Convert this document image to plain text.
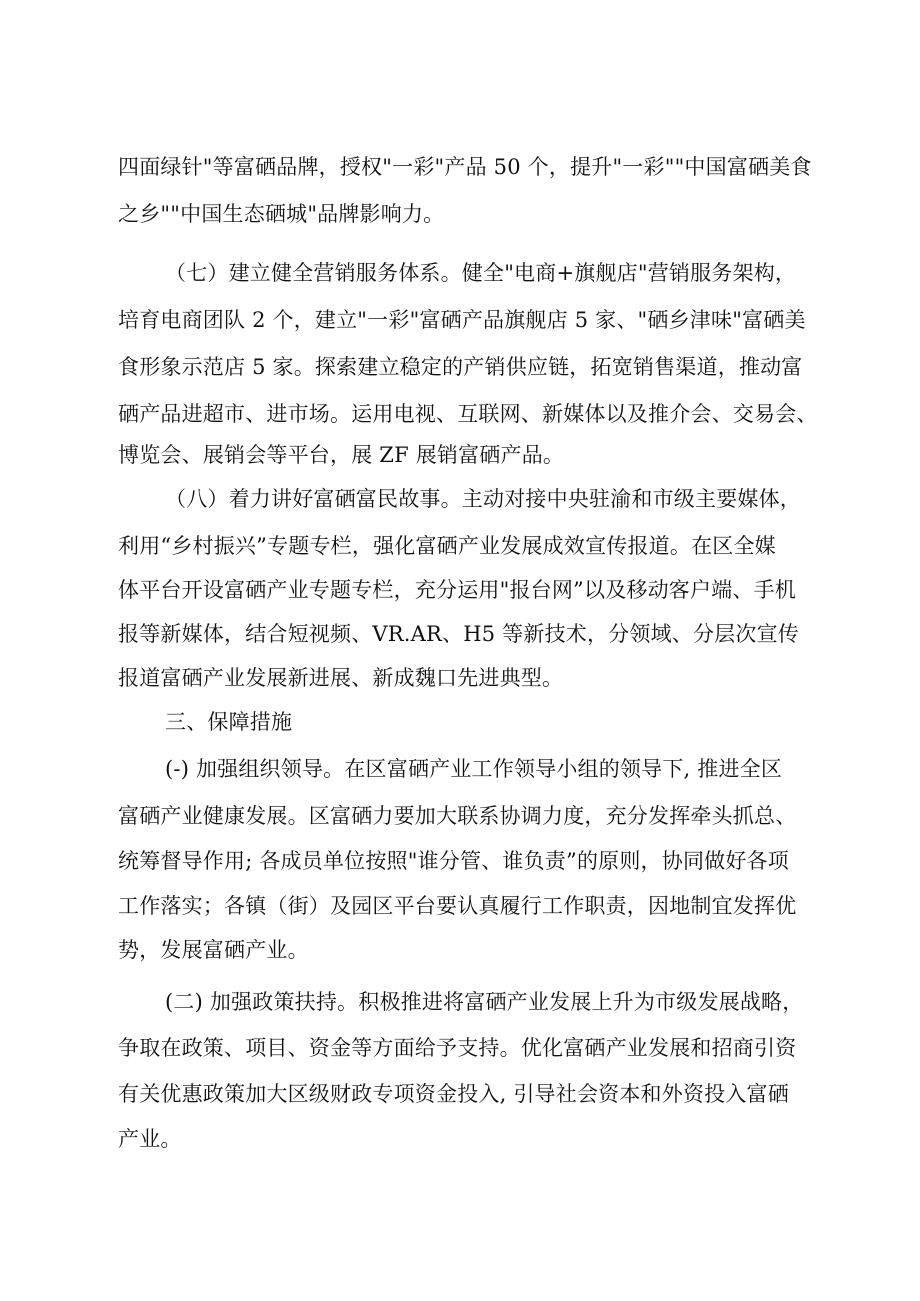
四面绿针"等富硒品牌，授权"一彩"产品 50 个，提升"一彩""中国富硒美食
之乡""中国生态硒城"品牌影响力。
（七）建立健全营销服务体系。健全"电商+旗舰店"营销服务架构，
培育电商团队 2 个，建立"一彩"富硒产品旗舰店 5 家、"硒乡津味"富硒美
食形象示范店 5 家。探索建立稳定的产销供应链，拓宽销售渠道，推动富
硒产品进超市、进市场。运用电视、互联网、新媒体以及推介会、交易会、
博览会、展销会等平台，展 ZF 展销富硒产品。
（八）着力讲好富硒富民故事。主动对接中央驻渝和市级主要媒体，
利用“乡村振兴”专题专栏，强化富硒产业发展成效宣传报道。在区全媒
体平台开设富硒产业专题专栏，充分运用"报台网”以及移动客户端、手机
报等新媒体，结合短视频、VR.AR、H5 等新技术，分领域、分层次宣传
报道富硒产业发展新进展、新成魏口先进典型。
三、保障措施
(-) 加强组织领导。在区富硒产业工作领导小组的领导下, 推进全区
富硒产业健康发展。区富硒力要加大联系协调力度，充分发挥牵头抓总、
统筹督导作用; 各成员单位按照"谁分管、谁负责”的原则，协同做好各项
工作落实；各镇（街）及园区平台要认真履行工作职责，因地制宜发挥优
势，发展富硒产业。
(二) 加强政策扶持。积极推进将富硒产业发展上升为市级发展战略，
争取在政策、项目、资金等方面给予支持。优化富硒产业发展和招商引资
有关优惠政策加大区级财政专项资金投入, 引导社会资本和外资投入富硒
产业。
